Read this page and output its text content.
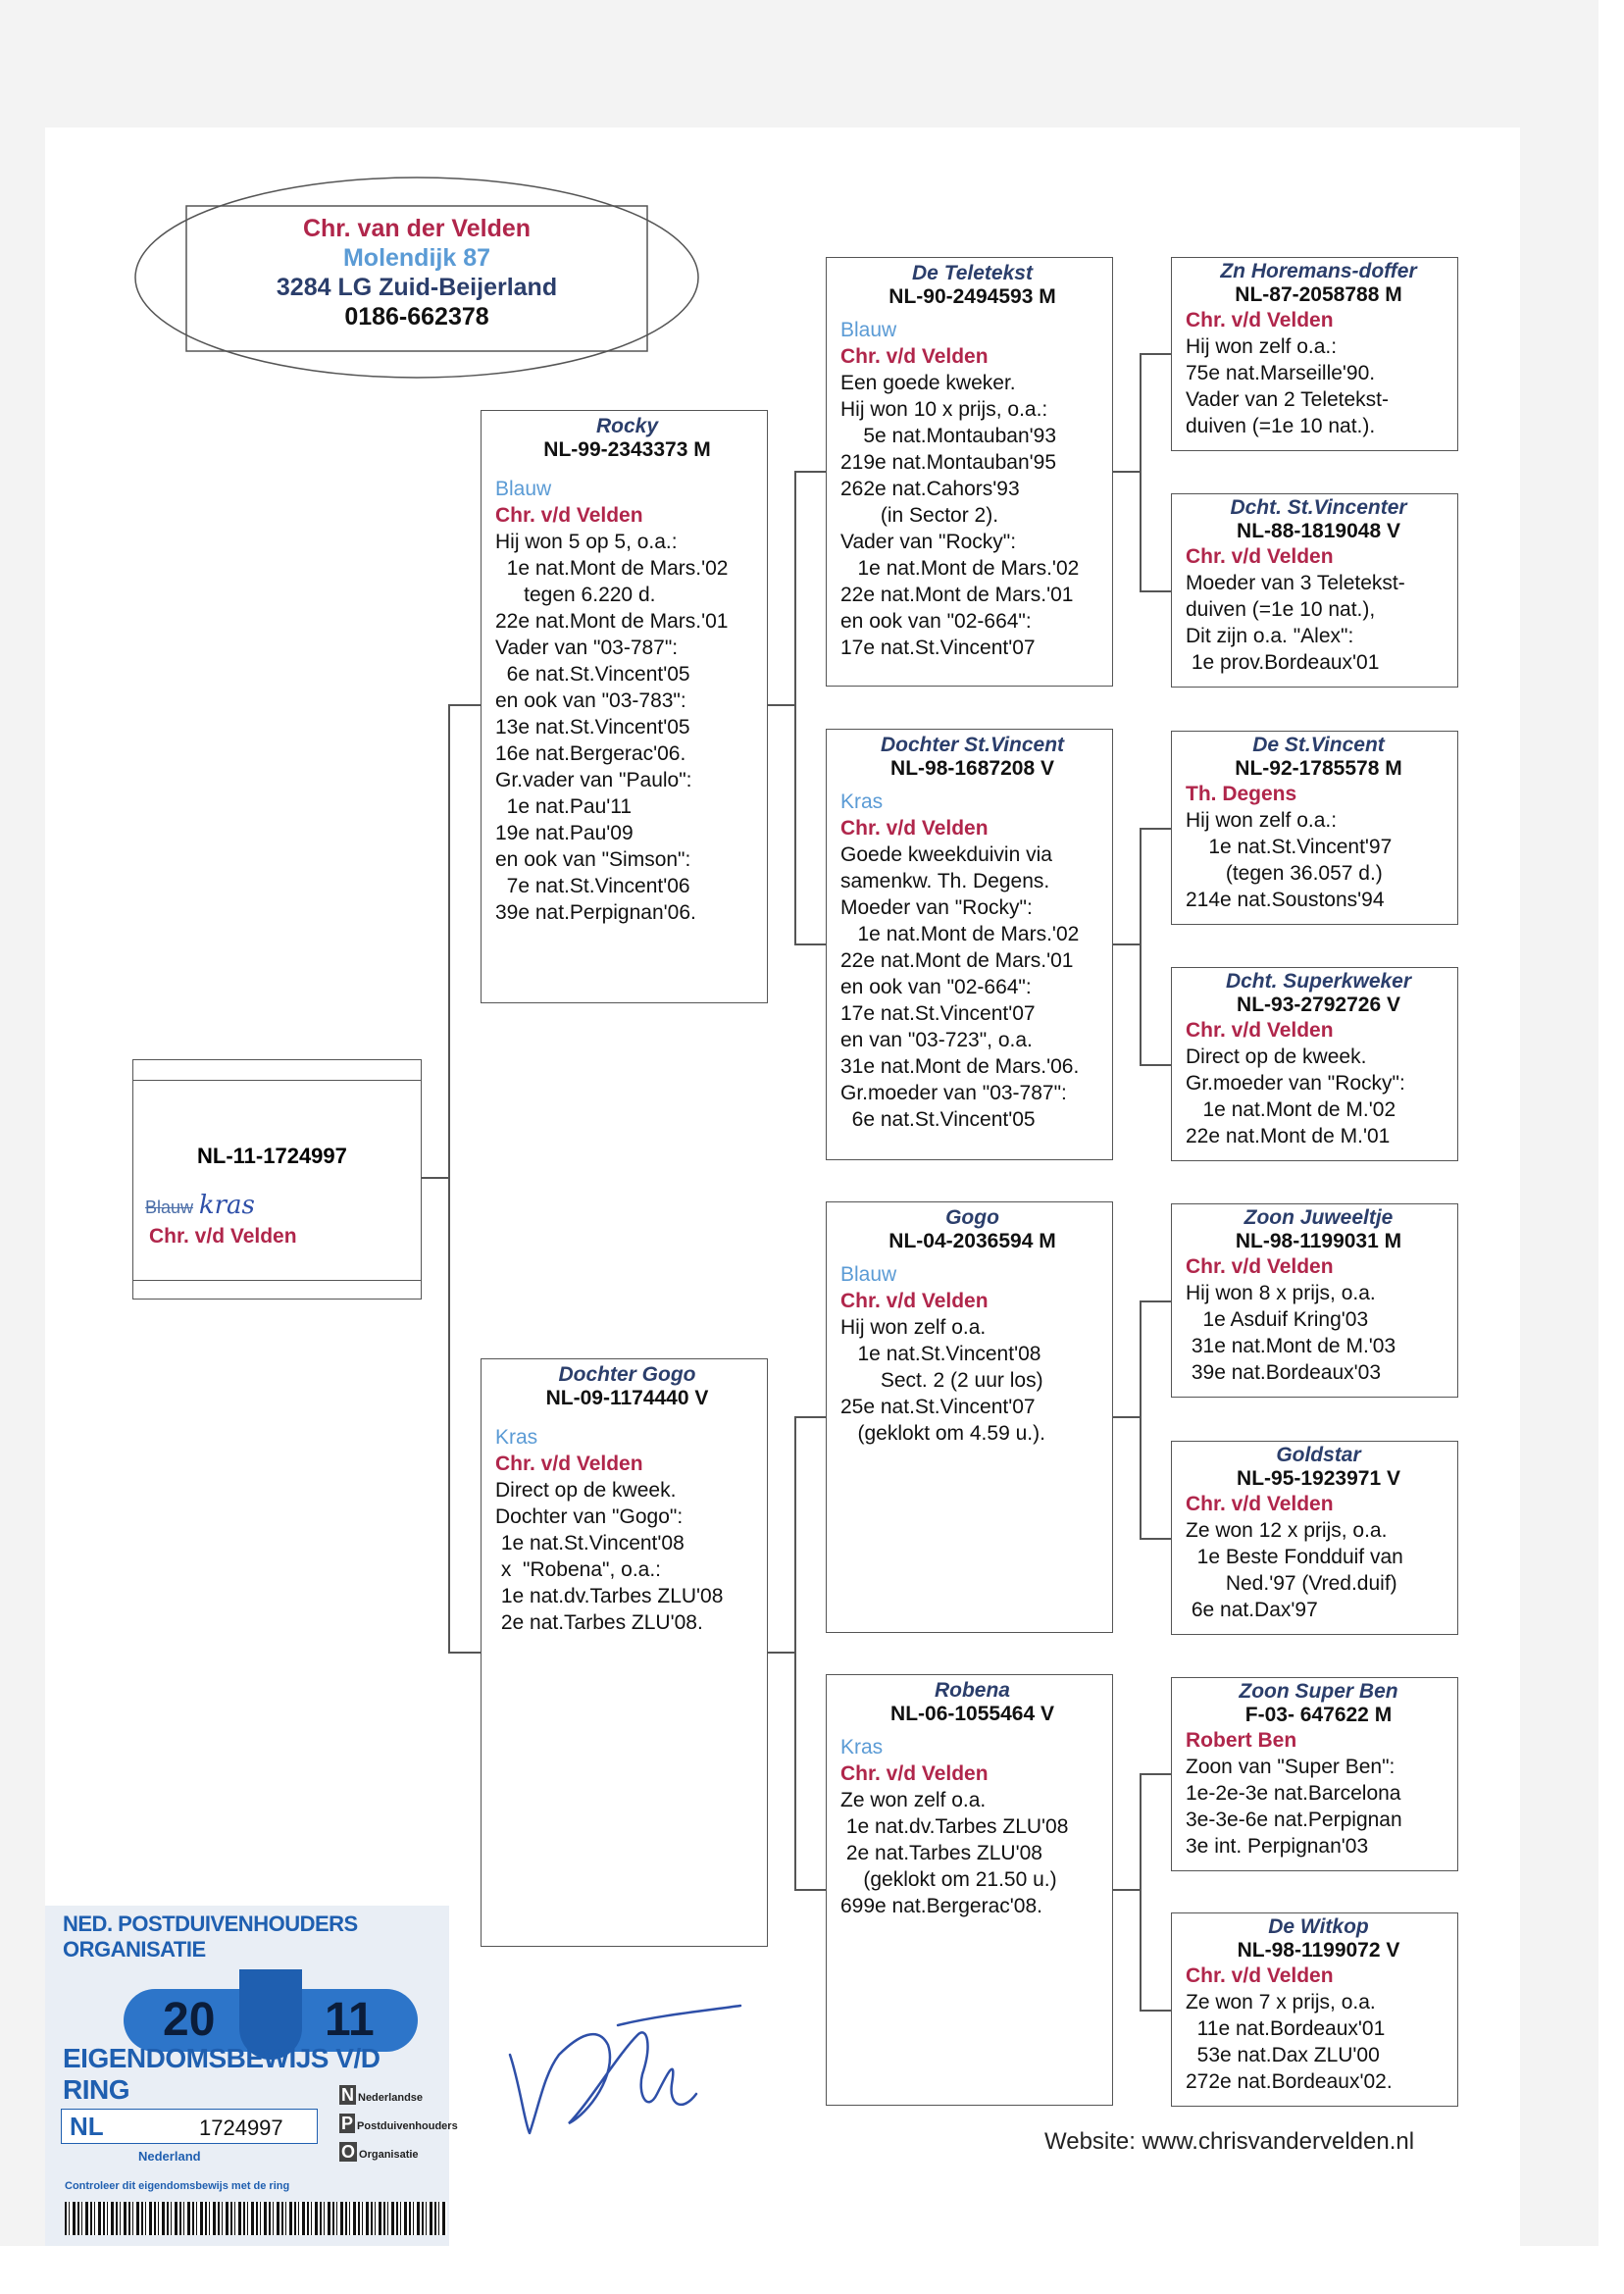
Chr. van der Velden
Molendijk 87
3284 LG Zuid-Beijerland
0186-662378
NL-11-1724997
Blauw kras
Chr. v/d Velden
Rocky
NL-99-2343373 M
Blauw
Chr. v/d Velden
Hij won 5 op 5, o.a.:
1e nat.Mont de Mars.'02
tegen 6.220 d.
22e nat.Mont de Mars.'01
Vader van "03-787":
6e nat.St.Vincent'05
en ook van "03-783":
13e nat.St.Vincent'05
16e nat.Bergerac'06.
Gr.vader van "Paulo":
1e nat.Pau'11
19e nat.Pau'09
en ook van "Simson":
7e nat.St.Vincent'06
39e nat.Perpignan'06.
Dochter Gogo
NL-09-1174440 V
Kras
Chr. v/d Velden
Direct op de kweek.
Dochter van "Gogo":
1e nat.St.Vincent'08
x  "Robena", o.a.:
1e nat.dv.Tarbes ZLU'08
2e nat.Tarbes ZLU'08.
De Teletekst
NL-90-2494593 M
Blauw
Chr. v/d Velden
Een goede kweker.
Hij won 10 x prijs, o.a.:
5e nat.Montauban'93
219e nat.Montauban'95
262e nat.Cahors'93
(in Sector 2).
Vader van "Rocky":
1e nat.Mont de Mars.'02
22e nat.Mont de Mars.'01
en ook van "02-664":
17e nat.St.Vincent'07
Dochter St.Vincent
NL-98-1687208 V
Kras
Chr. v/d Velden
Goede kweekduivin via
samenkw. Th. Degens.
Moeder van "Rocky":
1e nat.Mont de Mars.'02
22e nat.Mont de Mars.'01
en ook van "02-664":
17e nat.St.Vincent'07
en van "03-723", o.a.
31e nat.Mont de Mars.'06.
Gr.moeder van "03-787":
6e nat.St.Vincent'05
Gogo
NL-04-2036594 M
Blauw
Chr. v/d Velden
Hij won zelf o.a.
1e nat.St.Vincent'08
Sect. 2 (2 uur los)
25e nat.St.Vincent'07
(geklokt om 4.59 u.).
Robena
NL-06-1055464 V
Kras
Chr. v/d Velden
Ze won zelf o.a.
1e nat.dv.Tarbes ZLU'08
2e nat.Tarbes ZLU'08
(geklokt om 21.50 u.)
699e nat.Bergerac'08.
Zn Horemans-doffer
NL-87-2058788 M
Chr. v/d Velden
Hij won zelf o.a.:
75e nat.Marseille'90.
Vader van 2 Teletekst-
duiven (=1e 10 nat.).
Dcht. St.Vincenter
NL-88-1819048 V
Chr. v/d Velden
Moeder van 3 Teletekst-
duiven (=1e 10 nat.),
Dit zijn o.a. "Alex":
1e prov.Bordeaux'01
De St.Vincent
NL-92-1785578 M
Th. Degens
Hij won zelf o.a.:
1e nat.St.Vincent'97
(tegen 36.057 d.)
214e nat.Soustons'94
Dcht. Superkweker
NL-93-2792726 V
Chr. v/d Velden
Direct op de kweek.
Gr.moeder van "Rocky":
1e nat.Mont de M.'02
22e nat.Mont de M.'01
Zoon Juweeltje
NL-98-1199031 M
Chr. v/d Velden
Hij won 8 x prijs, o.a.
1e Asduif Kring'03
31e nat.Mont de M.'03
39e nat.Bordeaux'03
Goldstar
NL-95-1923971 V
Chr. v/d Velden
Ze won 12 x prijs, o.a.
1e Beste Fondduif van
Ned.'97 (Vred.duif)
6e nat.Dax'97
Zoon Super Ben
F-03- 647622 M
Robert Ben
Zoon van "Super Ben":
1e-2e-3e nat.Barcelona
3e-3e-6e nat.Perpignan
3e int. Perpignan'03
De Witkop
NL-98-1199072 V
Chr. v/d Velden
Ze won 7 x prijs, o.a.
11e nat.Bordeaux'01
53e nat.Dax ZLU'00
272e nat.Bordeaux'02.
NED. POSTDUIVENHOUDERS ORGANISATIE
20 11
EIGENDOMSBEWIJS V/D RING
NL	1724997
N Nederlandse
P Postduivenhouders
O Organisatie
Nederland
Controleer dit eigendomsbewijs met de ring
Website: www.chrisvandervelden.nl
